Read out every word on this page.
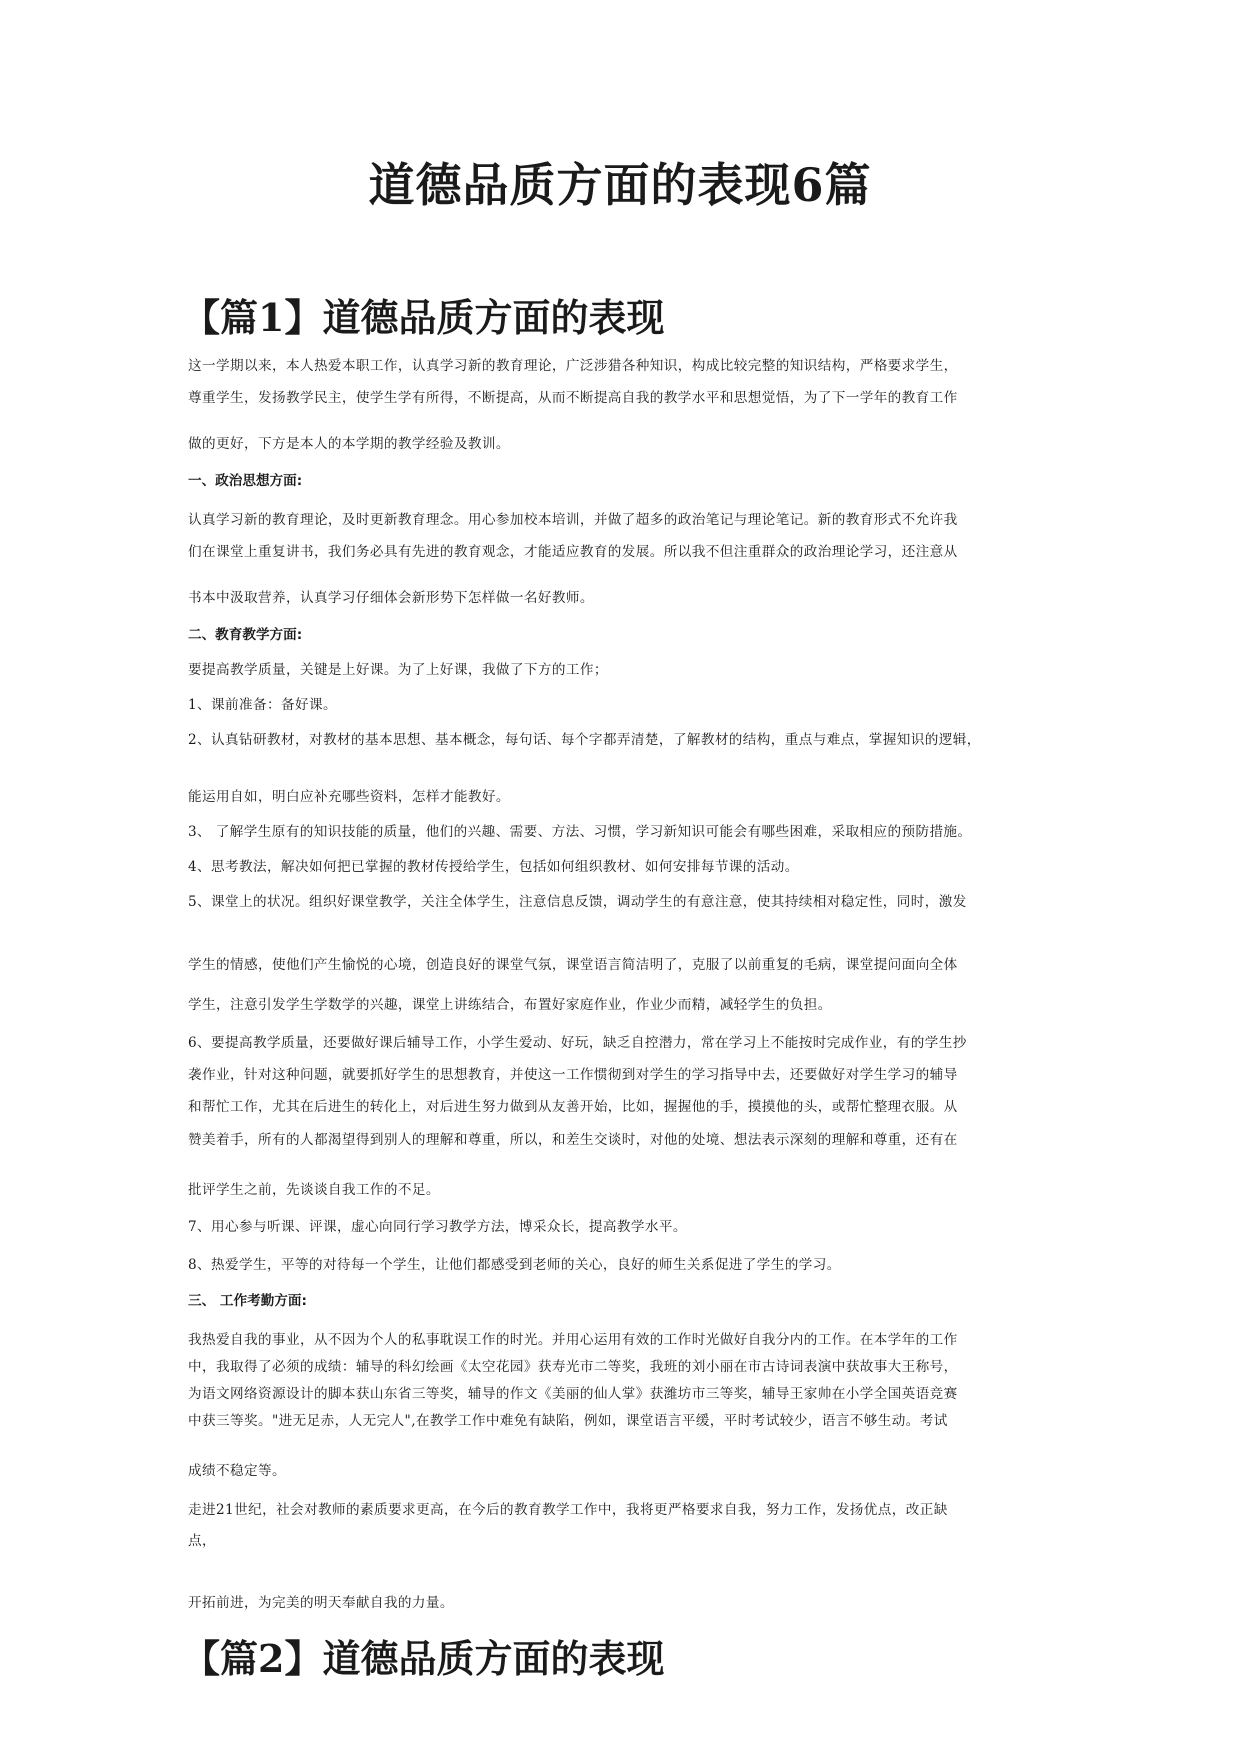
道德品质方面的表现6篇
【篇1】道德品质方面的表现

这一学期以来，本人热爱本职工作，认真学习新的教育理论，广泛涉猎各种知识，构成比较完整的知识结构，严格要求学生，

尊重学生，发扬教学民主，使学生学有所得，不断提高，从而不断提高自我的教学水平和思想觉悟，为了下一学年的教育工作

做的更好，下方是本人的本学期的教学经验及教训。

一、政治思想方面:

认真学习新的教育理论，及时更新教育理念。用心参加校本培训，并做了超多的政治笔记与理论笔记。新的教育形式不允许我

们在课堂上重复讲书，我们务必具有先进的教育观念，才能适应教育的发展。所以我不但注重群众的政治理论学习，还注意从

书本中汲取营养，认真学习仔细体会新形势下怎样做一名好教师。

二、教育教学方面:

要提高教学质量，关键是上好课。为了上好课，我做了下方的工作；

1、课前准备：备好课。

2、认真钻研教材，对教材的基本思想、基本概念，每句话、每个字都弄清楚，了解教材的结构，重点与难点，掌握知识的逻辑，

能运用自如，明白应补充哪些资料，怎样才能教好。

3、 了解学生原有的知识技能的质量，他们的兴趣、需要、方法、习惯，学习新知识可能会有哪些困难，采取相应的预防措施。

4、思考教法，解决如何把已掌握的教材传授给学生，包括如何组织教材、如何安排每节课的活动。

5、课堂上的状况。组织好课堂教学，关注全体学生，注意信息反馈，调动学生的有意注意，使其持续相对稳定性，同时，激发

学生的情感，使他们产生愉悦的心境，创造良好的课堂气氛，课堂语言简洁明了，克服了以前重复的毛病，课堂提问面向全体

学生，注意引发学生学数学的兴趣，课堂上讲练结合，布置好家庭作业，作业少而精，减轻学生的负担。

6、要提高教学质量，还要做好课后辅导工作，小学生爱动、好玩，缺乏自控潜力，常在学习上不能按时完成作业，有的学生抄

袭作业，针对这种问题，就要抓好学生的思想教育，并使这一工作惯彻到对学生的学习指导中去，还要做好对学生学习的辅导

和帮忙工作，尤其在后进生的转化上，对后进生努力做到从友善开始，比如，握握他的手，摸摸他的头，或帮忙整理衣服。从

赞美着手，所有的人都渴望得到别人的理解和尊重，所以，和差生交谈时，对他的处境、想法表示深刻的理解和尊重，还有在

批评学生之前，先谈谈自我工作的不足。

7、用心参与听课、评课，虚心向同行学习教学方法，博采众长，提高教学水平。

8、热爱学生，平等的对待每一个学生，让他们都感受到老师的关心，良好的师生关系促进了学生的学习。

三、 工作考勤方面:

我热爱自我的事业，从不因为个人的私事耽误工作的时光。并用心运用有效的工作时光做好自我分内的工作。在本学年的工作

中，我取得了必须的成绩：辅导的科幻绘画《太空花园》获寿光市二等奖，我班的刘小丽在市古诗词表演中获故事大王称号，

为语文网络资源设计的脚本获山东省三等奖，辅导的作文《美丽的仙人掌》获潍坊市三等奖，辅导王家帅在小学全国英语竞赛

中获三等奖。"进无足赤，人无完人",在教学工作中难免有缺陷，例如，课堂语言平缓，平时考试较少，语言不够生动。考试

成绩不稳定等。

走进21世纪，社会对教师的素质要求更高，在今后的教育教学工作中，我将更严格要求自我，努力工作，发扬优点，改正缺

点，

开拓前进，为完美的明天奉献自我的力量。

【篇2】道德品质方面的表现
